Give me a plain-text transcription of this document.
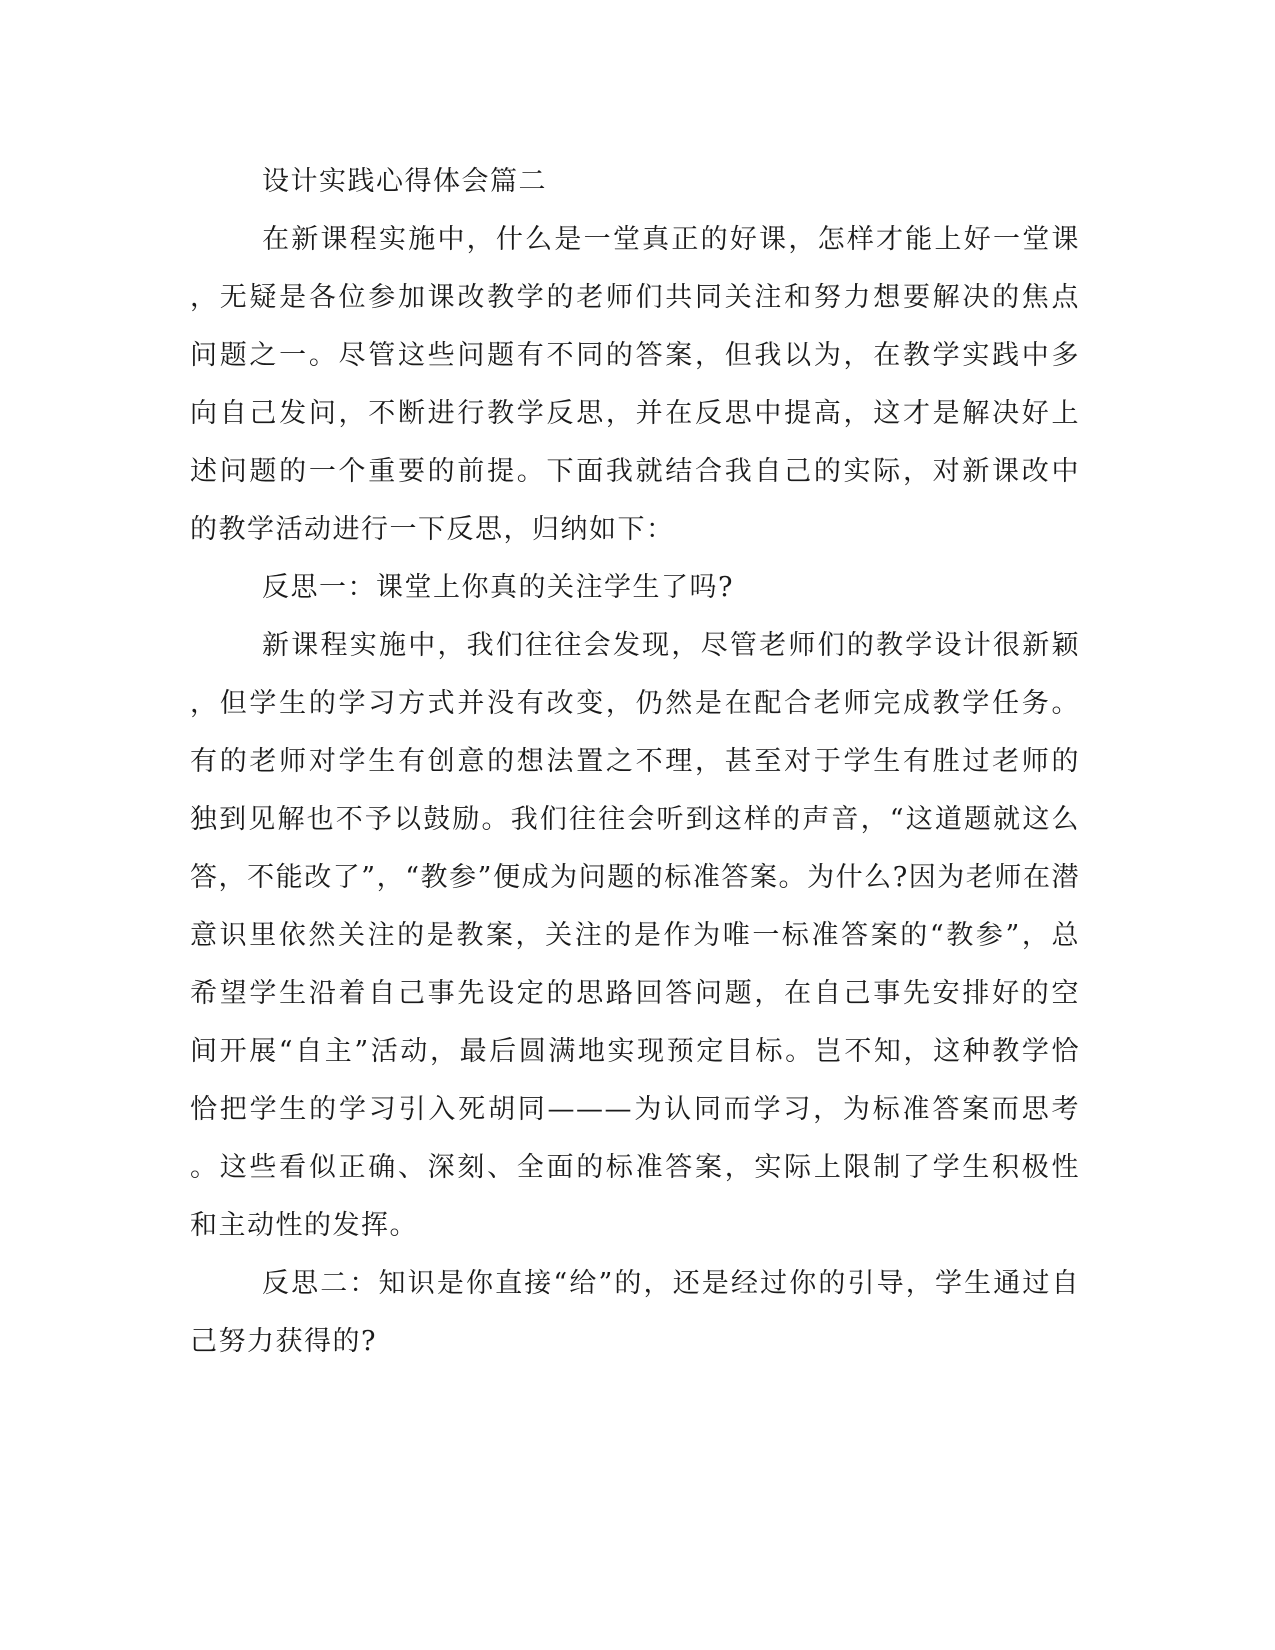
设计实践心得体会篇二
在新课程实施中，什么是一堂真正的好课，怎样才能上好一堂课
，无疑是各位参加课改教学的老师们共同关注和努力想要解决的焦点
问题之一。尽管这些问题有不同的答案，但我以为，在教学实践中多
向自己发问，不断进行教学反思，并在反思中提高，这才是解决好上
述问题的一个重要的前提。下面我就结合我自己的实际，对新课改中
的教学活动进行一下反思，归纳如下：
反思一：课堂上你真的关注学生了吗?
新课程实施中，我们往往会发现，尽管老师们的教学设计很新颖
，但学生的学习方式并没有改变，仍然是在配合老师完成教学任务。
有的老师对学生有创意的想法置之不理，甚至对于学生有胜过老师的
独到见解也不予以鼓励。我们往往会听到这样的声音，“这道题就这么
答，不能改了”，“教参”便成为问题的标准答案。为什么?因为老师在潜
意识里依然关注的是教案，关注的是作为唯一标准答案的“教参”，总
希望学生沿着自己事先设定的思路回答问题，在自己事先安排好的空
间开展“自主”活动，最后圆满地实现预定目标。岂不知，这种教学恰
恰把学生的学习引入死胡同———为认同而学习，为标准答案而思考
。这些看似正确、深刻、全面的标准答案，实际上限制了学生积极性
和主动性的发挥。
反思二：知识是你直接“给”的，还是经过你的引导，学生通过自
己努力获得的?
